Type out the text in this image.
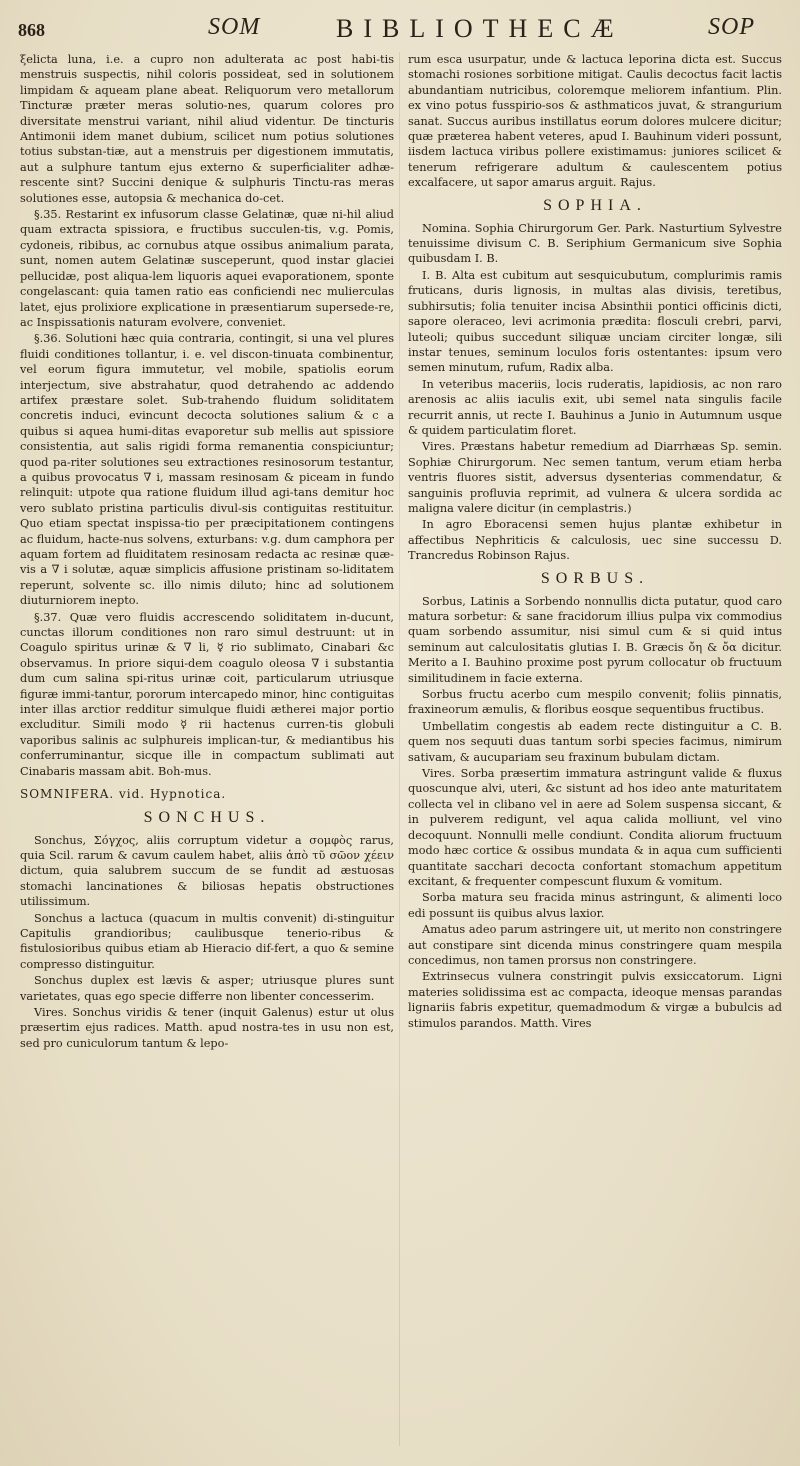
868	SOM	BIBLIOTHECÆ	SOP

ξelicta luna, i.e. a cupro non adulterata ac post habi-tis menstruis suspectis, nihil coloris possideat, sed in solutionem limpidam & aqueam plane abeat. Reliquorum vero metallorum Tincturæ præter meras solutio-nes, quarum colores pro diversitate menstrui variant, nihil aliud videntur. De tincturis Antimonii idem manet dubium, scilicet num potius solutiones totius substan-tiæ, aut a menstruis per digestionem immutatis, aut a sulphure tantum ejus externo & superficialiter adhæ-rescente sint? Succini denique & sulphuris Tinctu-ras meras solutiones esse, autopsia & mechanica do-cet.

§.35. Restarint ex infusorum classe Gelatinæ, quæ ni-hil aliud quam extracta spissiora, e fructibus succulen-tis, v.g. Pomis, cydoneis, ribibus, ac cornubus atque ossibus animalium parata, sunt, nomen autem Gelatinæ susceperunt, quod instar glaciei pellucidæ, post aliqua-lem liquoris aquei evaporationem, sponte congelascant: quia tamen ratio eas conficiendi nec mulierculas latet, ejus prolixiore explicatione in præsentiarum supersede-re, ac Inspissationis naturam evolvere, conveniet.

§.36. Solutioni hæc quia contraria, contingit, si una vel plures fluidi conditiones tollantur, i. e. vel discon-tinuata combinentur, vel eorum figura immutetur, vel mobile, spatiolis eorum interjectum, sive abstrahatur, quod detrahendo ac addendo artifex præstare solet. Sub-trahendo fluidum soliditatem concretis induci, evincunt decocta solutiones salium & c a quibus si aquea humi-ditas evaporetur sub mellis aut spissiore consistentia, aut salis rigidi forma remanentia conspiciuntur; quod pa-riter solutiones seu extractiones resinosorum testantur, a quibus provocatus ∇ i, massam resinosam & piceam in fundo relinquit: utpote qua ratione fluidum illud agi-tans demitur hoc vero sublato pristina particulis divul-sis contiguitas restituitur. Quo etiam spectat inspissa-tio per præcipitationem contingens ac fluidum, hacte-nus solvens, exturbans: v.g. dum camphora per aquam fortem ad fluiditatem resinosam redacta ac resinæ quæ-vis a ∇ i solutæ, aquæ simplicis affusione pristinam so-liditatem reperunt, solvente sc. illo nimis diluto; hinc ad solutionem diuturniorem inepto.

§.37. Quæ vero fluidis accrescendo soliditatem in-ducunt, cunctas illorum conditiones non raro simul destruunt: ut in Coagulo spiritus urinæ & ∇ li, ☿ rio sublimato, Cinabari &c observamus. In priore siqui-dem coagulo oleosa ∇ i substantia dum cum salina spi-ritus urinæ coit, particularum utriusque figuræ immi-tantur, pororum intercapedo minor, hinc contiguitas inter illas arctior redditur simulque fluidi ætherei major portio excluditur. Simili modo ☿ rii hactenus curren-tis globuli vaporibus salinis ac sulphureis implican-tur, & mediantibus his conferruminantur, sicque ille in compactum sublimati aut Cinabaris massam abit. Boh-mus.

SOMNIFERA. vid. Hypnotica.

SONCHUS.

Sonchus, Σόγχος, aliis corruptum videtur a σομφὸς rarus, quia Scil. rarum & cavum caulem habet, aliis ἀπὸ τῦ σῶον χέειν dictum, quia salubrem succum de se fundit ad æstuosas stomachi lancinationes & biliosas hepatis obstructiones utilissimum.

Sonchus a lactuca (quacum in multis convenit) di-stinguitur Capitulis grandioribus; caulibusque tenerio-ribus & fistulosioribus quibus etiam ab Hieracio dif-fert, a quo & semine compresso distinguitur.

Sonchus duplex est lævis & asper; utriusque plures sunt varietates, quas ego specie differre non libenter concesserim.

Vires. Sonchus viridis & tener (inquit Galenus) estur ut olus præsertim ejus radices. Matth. apud nostra-tes in usu non est, sed pro cuniculorum tantum & lepo-

rum esca usurpatur, unde & lactuca leporina dicta est. Succus stomachi rosiones sorbitione mitigat. Caulis decoctus facit lactis abundantiam nutricibus, coloremque meliorem infantium. Plin. ex vino potus fusspirio-sos & asthmaticos juvat, & strangurium sanat. Succus auribus instillatus eorum dolores mulcere dicitur; quæ præterea habent veteres, apud I. Bauhinum videri possunt, iisdem lactuca viribus pollere existimamus: juniores scilicet & tenerum refrigerare adultum & caulescentem potius excalfacere, ut sapor amarus arguit. Rajus.

SOPHIA.

Nomina. Sophia Chirurgorum Ger. Park. Nasturtium Sylvestre tenuissime divisum C. B. Seriphium Germanicum sive Sophia quibusdam I. B.

I. B. Alta est cubitum aut sesquicubutum, complurimis ramis fruticans, duris lignosis, in multas alas divisis, teretibus, subhirsutis; folia tenuiter incisa Absinthii pontici officinis dicti, sapore oleraceo, levi acrimonia prædita: flosculi crebri, parvi, luteoli; quibus succedunt siliquæ unciam circiter longæ, sili instar tenues, seminum loculos foris ostentantes: ipsum vero semen minutum, rufum, Radix alba.

In veteribus maceriis, locis ruderatis, lapidiosis, ac non raro arenosis ac aliis iaculis exit, ubi semel nata singulis facile recurrit annis, ut recte I. Bauhinus a Junio in Autumnum usque & quidem particulatim floret.

Vires. Præstans habetur remedium ad Diarrhæas Sp. semin. Sophiæ Chirurgorum. Nec semen tantum, verum etiam herba ventris fluores sistit, adversus dysenterias commendatur, & sanguinis profluvia reprimit, ad vulnera & ulcera sordida ac maligna valere dicitur (in cemplastris.)

In agro Eboracensi semen hujus plantæ exhibetur in affectibus Nephriticis & calculosis, uec sine successu D. Trancredus Robinson Rajus.

SORBUS.

Sorbus, Latinis a Sorbendo nonnullis dicta putatur, quod caro matura sorbetur: & sane fracidorum illius pulpa vix commodius quam sorbendo assumitur, nisi simul cum & si quid intus seminum aut calculositatis glutias I. B. Græcis ὄη & ὄα dicitur. Merito a I. Bauhino proxime post pyrum collocatur ob fructuum similitudinem in facie externa.

Sorbus fructu acerbo cum mespilo convenit; foliis pinnatis, fraxineorum æmulis, & floribus eosque sequentibus fructibus.

Umbellatim congestis ab eadem recte distinguitur a C. B. quem nos sequuti duas tantum sorbi species facimus, nimirum sativam, & aucupariam seu fraxinum bubulam dictam.

Vires. Sorba præsertim immatura astringunt valide & fluxus quoscunque alvi, uteri, &c sistunt ad hos ideo ante maturitatem collecta vel in clibano vel in aere ad Solem suspensa siccant, & in pulverem redigunt, vel aqua calida molliunt, vel vino decoquunt. Nonnulli melle condiunt. Condita aliorum fructuum modo hæc cortice & ossibus mundata & in aqua cum sufficienti quantitate sacchari decocta confortant stomachum appetitum excitant, & frequenter compescunt fluxum & vomitum.

Sorba matura seu fracida minus astringunt, & alimenti loco edi possunt iis quibus alvus laxior.

Amatus adeo parum astringere uit, ut merito non constringere aut constipare sint dicenda minus constringere quam mespila concedimus, non tamen prorsus non constringere.

Extrinsecus vulnera constringit pulvis exsiccatorum. Ligni materies solidissima est ac compacta, ideoque mensas parandas lignariis fabris expetitur, quemadmodum & virgæ a bubulcis ad stimulos parandos. Matth. Vires
